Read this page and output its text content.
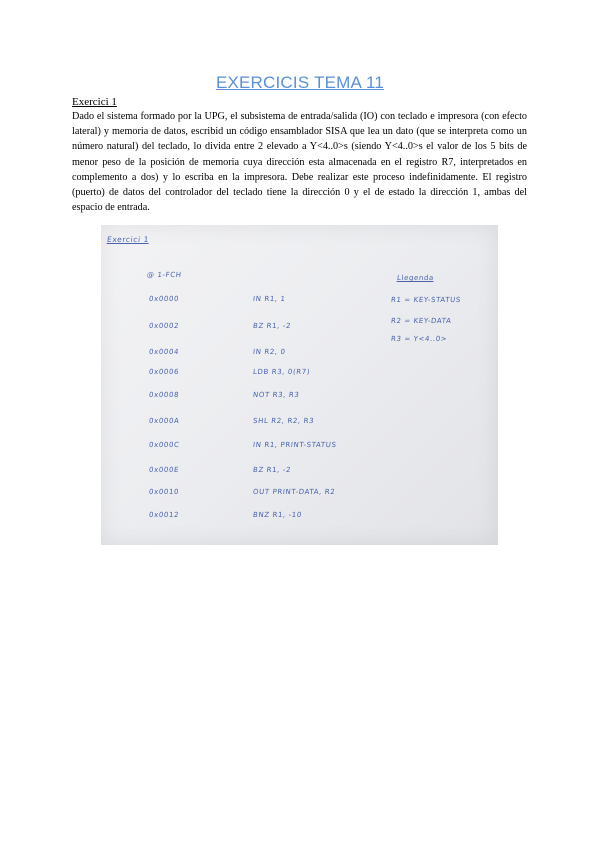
EXERCICIS TEMA 11
Exercici 1

Dado el sistema formado por la UPG, el subsistema de entrada/salida (IO) con teclado e impresora (con efecto lateral) y memoria de datos, escribid un código ensamblador SISA que lea un dato (que se interpreta como un número natural) del teclado, lo divida entre 2 elevado a Y<4..0>s (siendo Y<4..0>s el valor de los 5 bits de menor peso de la posición de memoria cuya dirección esta almacenada en el registro R7, interpretados en complemento a dos) y lo escriba en la impresora. Debe realizar este proceso indefinidamente. El registro (puerto) de datos del controlador del teclado tiene la dirección 0 y el de estado la dirección 1, ambas del espacio de entrada.

Exercici 1
@ 1-FCH
0x0000	IN R1, 1
0x0002	BZ R1, -2
0x0004	IN R2, 0
0x0006	LDB R3, 0(R7)
0x0008	NOT R3, R3
0x000A	SHL R2, R2, R3
0x000C	IN R1, PRINT-STATUS
0x000E	BZ R1, -2
0x0010	OUT PRINT-DATA, R2
0x0012	BNZ R1, -10
Llegenda
R1 = KEY-STATUS
R2 = KEY-DATA
R3 = Y<4..0>
